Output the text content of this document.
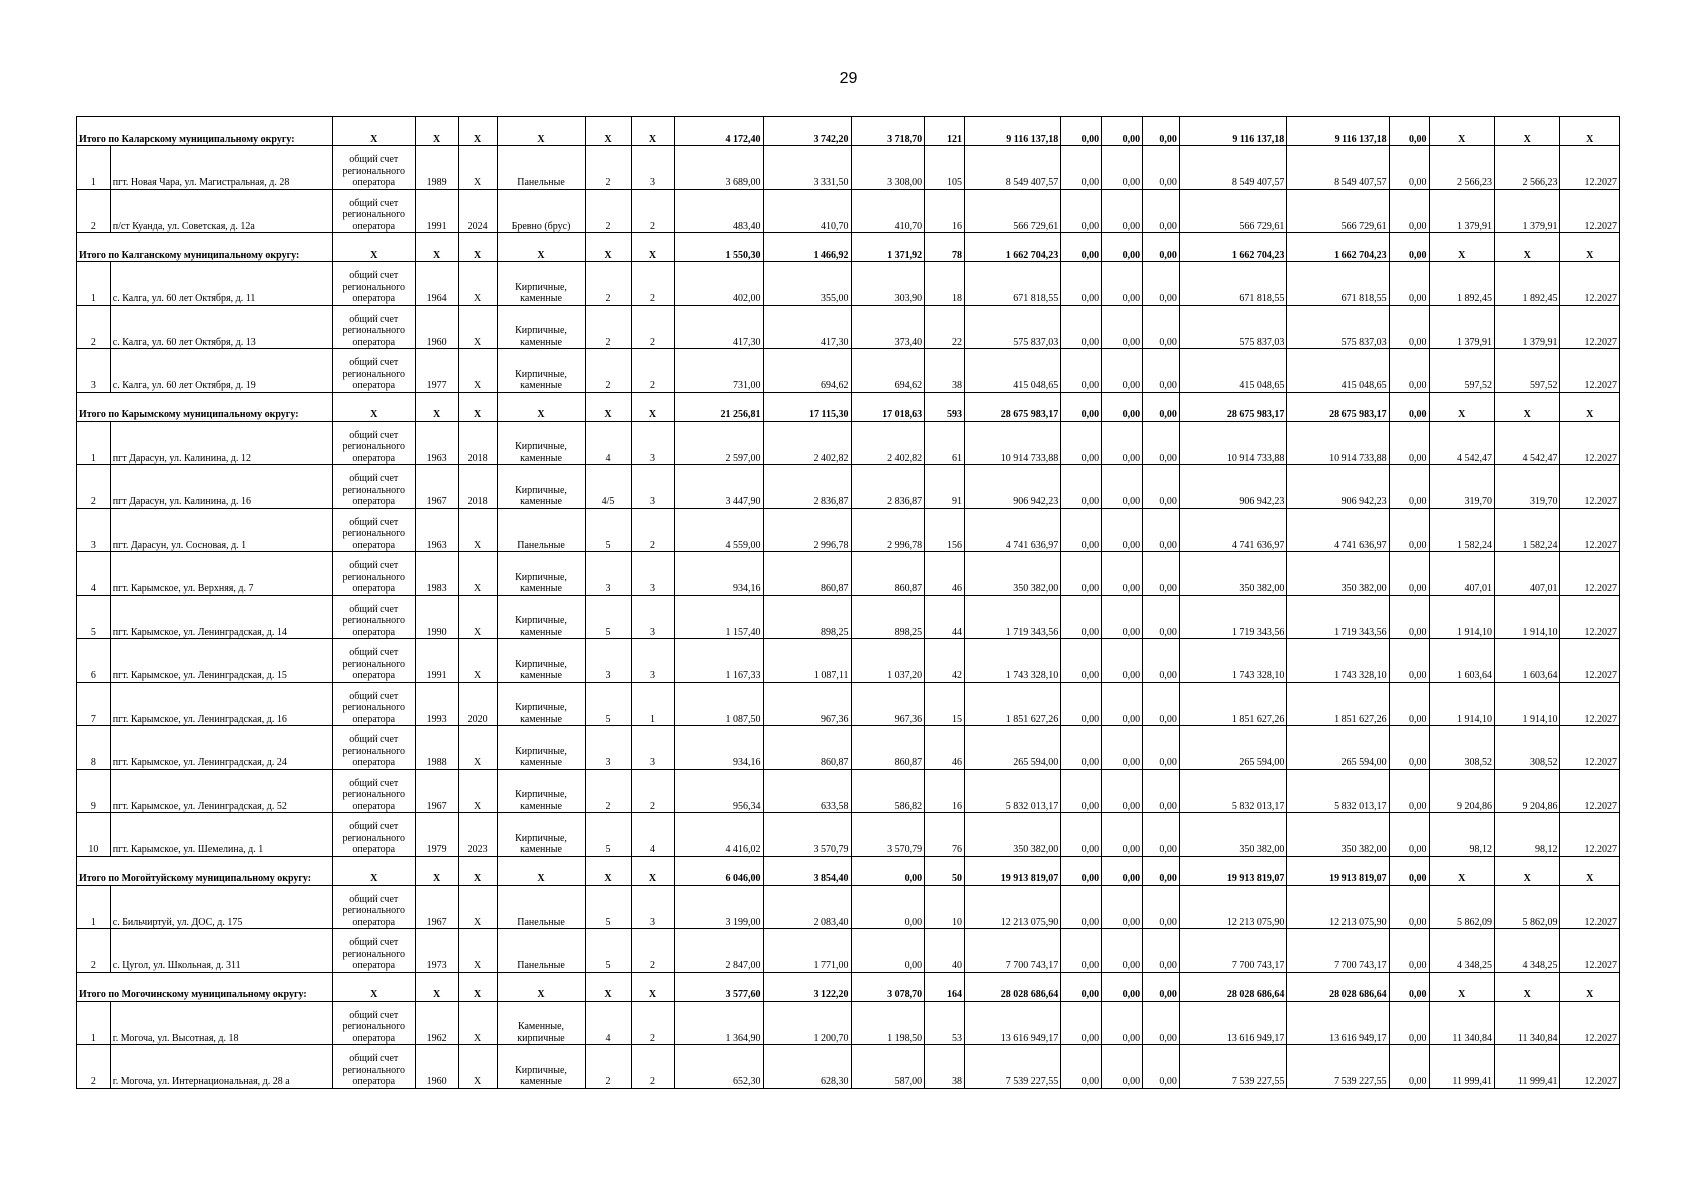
29
Итого по Каларскому муниципальному округу:		X	X	X	X	X	X	4 172,40	3 742,20	3 718,70	121	9 116 137,18	0,00	0,00	0,00	9 116 137,18	9 116 137,18	0,00	X	X	X
1	пгт. Новая Чара, ул. Магистральная, д. 28	общий счет регионального оператора	1989	X	Панельные	2	3	3 689,00	3 331,50	3 308,00	105	8 549 407,57	0,00	0,00	0,00	8 549 407,57	8 549 407,57	0,00	2 566,23	2 566,23	12.2027
2	п/ст Куанда, ул. Советская, д. 12а	общий счет регионального оператора	1991	2024	Бревно (брус)	2	2	483,40	410,70	410,70	16	566 729,61	0,00	0,00	0,00	566 729,61	566 729,61	0,00	1 379,91	1 379,91	12.2027
Итого по Калганскому муниципальному округу:		X	X	X	X	X	X	1 550,30	1 466,92	1 371,92	78	1 662 704,23	0,00	0,00	0,00	1 662 704,23	1 662 704,23	0,00	X	X	X
1	с. Калга, ул. 60 лет Октября, д. 11	общий счет регионального оператора	1964	X	Кирпичные, каменные	2	2	402,00	355,00	303,90	18	671 818,55	0,00	0,00	0,00	671 818,55	671 818,55	0,00	1 892,45	1 892,45	12.2027
2	с. Калга, ул. 60 лет Октября, д. 13	общий счет регионального оператора	1960	X	Кирпичные, каменные	2	2	417,30	417,30	373,40	22	575 837,03	0,00	0,00	0,00	575 837,03	575 837,03	0,00	1 379,91	1 379,91	12.2027
3	с. Калга, ул. 60 лет Октября, д. 19	общий счет регионального оператора	1977	X	Кирпичные, каменные	2	2	731,00	694,62	694,62	38	415 048,65	0,00	0,00	0,00	415 048,65	415 048,65	0,00	597,52	597,52	12.2027
Итого по Карымскому муниципальному округу:		X	X	X	X	X	X	21 256,81	17 115,30	17 018,63	593	28 675 983,17	0,00	0,00	0,00	28 675 983,17	28 675 983,17	0,00	X	X	X
1	пгт Дарасун, ул. Калинина, д. 12	общий счет регионального оператора	1963	2018	Кирпичные, каменные	4	3	2 597,00	2 402,82	2 402,82	61	10 914 733,88	0,00	0,00	0,00	10 914 733,88	10 914 733,88	0,00	4 542,47	4 542,47	12.2027
2	пгт Дарасун, ул. Калинина, д. 16	общий счет регионального оператора	1967	2018	Кирпичные, каменные	4/5	3	3 447,90	2 836,87	2 836,87	91	906 942,23	0,00	0,00	0,00	906 942,23	906 942,23	0,00	319,70	319,70	12.2027
3	пгт. Дарасун, ул. Сосновая, д. 1	общий счет регионального оператора	1963	X	Панельные	5	2	4 559,00	2 996,78	2 996,78	156	4 741 636,97	0,00	0,00	0,00	4 741 636,97	4 741 636,97	0,00	1 582,24	1 582,24	12.2027
4	пгт. Карымское, ул. Верхняя, д. 7	общий счет регионального оператора	1983	X	Кирпичные, каменные	3	3	934,16	860,87	860,87	46	350 382,00	0,00	0,00	0,00	350 382,00	350 382,00	0,00	407,01	407,01	12.2027
5	пгт. Карымское, ул. Ленинградская, д. 14	общий счет регионального оператора	1990	X	Кирпичные, каменные	5	3	1 157,40	898,25	898,25	44	1 719 343,56	0,00	0,00	0,00	1 719 343,56	1 719 343,56	0,00	1 914,10	1 914,10	12.2027
6	пгт. Карымское, ул. Ленинградская, д. 15	общий счет регионального оператора	1991	X	Кирпичные, каменные	3	3	1 167,33	1 087,11	1 037,20	42	1 743 328,10	0,00	0,00	0,00	1 743 328,10	1 743 328,10	0,00	1 603,64	1 603,64	12.2027
7	пгт. Карымское, ул. Ленинградская, д. 16	общий счет регионального оператора	1993	2020	Кирпичные, каменные	5	1	1 087,50	967,36	967,36	15	1 851 627,26	0,00	0,00	0,00	1 851 627,26	1 851 627,26	0,00	1 914,10	1 914,10	12.2027
8	пгт. Карымское, ул. Ленинградская, д. 24	общий счет регионального оператора	1988	X	Кирпичные, каменные	3	3	934,16	860,87	860,87	46	265 594,00	0,00	0,00	0,00	265 594,00	265 594,00	0,00	308,52	308,52	12.2027
9	пгт. Карымское, ул. Ленинградская, д. 52	общий счет регионального оператора	1967	X	Кирпичные, каменные	2	2	956,34	633,58	586,82	16	5 832 013,17	0,00	0,00	0,00	5 832 013,17	5 832 013,17	0,00	9 204,86	9 204,86	12.2027
10	пгт. Карымское, ул. Шемелина, д. 1	общий счет регионального оператора	1979	2023	Кирпичные, каменные	5	4	4 416,02	3 570,79	3 570,79	76	350 382,00	0,00	0,00	0,00	350 382,00	350 382,00	0,00	98,12	98,12	12.2027
Итого по Могойтуйскому муниципальному округу:		X	X	X	X	X	X	6 046,00	3 854,40	0,00	50	19 913 819,07	0,00	0,00	0,00	19 913 819,07	19 913 819,07	0,00	X	X	X
1	с. Бильчиртуй, ул. ДОС, д. 175	общий счет регионального оператора	1967	X	Панельные	5	3	3 199,00	2 083,40	0,00	10	12 213 075,90	0,00	0,00	0,00	12 213 075,90	12 213 075,90	0,00	5 862,09	5 862,09	12.2027
2	с. Цугол, ул. Школьная, д. 311	общий счет регионального оператора	1973	X	Панельные	5	2	2 847,00	1 771,00	0,00	40	7 700 743,17	0,00	0,00	0,00	7 700 743,17	7 700 743,17	0,00	4 348,25	4 348,25	12.2027
Итого по Могочинскому муниципальному округу:		X	X	X	X	X	X	3 577,60	3 122,20	3 078,70	164	28 028 686,64	0,00	0,00	0,00	28 028 686,64	28 028 686,64	0,00	X	X	X
1	г. Могоча, ул. Высотная, д. 18	общий счет регионального оператора	1962	X	Каменные, кирпичные	4	2	1 364,90	1 200,70	1 198,50	53	13 616 949,17	0,00	0,00	0,00	13 616 949,17	13 616 949,17	0,00	11 340,84	11 340,84	12.2027
2	г. Могоча, ул. Интернациональная, д. 28 а	общий счет регионального оператора	1960	X	Кирпичные, каменные	2	2	652,30	628,30	587,00	38	7 539 227,55	0,00	0,00	0,00	7 539 227,55	7 539 227,55	0,00	11 999,41	11 999,41	12.2027
